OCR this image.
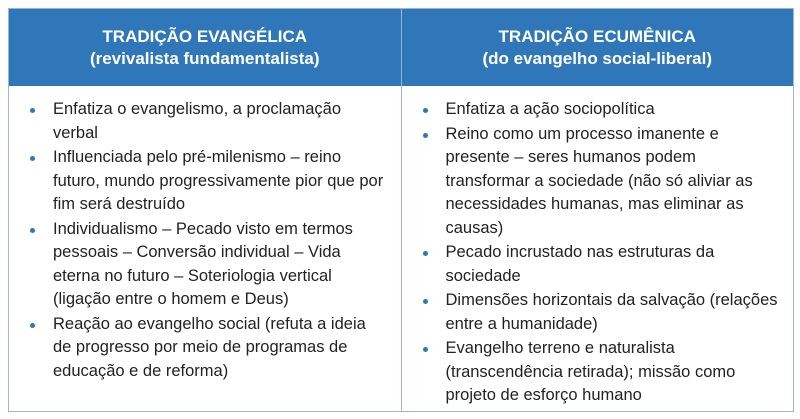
TRADIÇÃO EVANGÉLICA
(revivalista fundamentalista)
TRADIÇÃO ECUMÊNICA
(do evangelho social-liberal)
Enfatiza o evangelismo, a proclamação verbal
Influenciada pelo pré-milenismo – reino futuro, mundo progressivamente pior que por fim será destruído
Individualismo – Pecado visto em termos pessoais – Conversão individual – Vida eterna no futuro – Soteriologia vertical (ligação entre o homem e Deus)
Reação ao evangelho social (refuta a ideia de progresso por meio de programas de educação e de reforma)
Enfatiza a ação sociopolítica
Reino como um processo imanente e presente – seres humanos podem transformar a sociedade (não só aliviar as necessidades humanas, mas eliminar as causas)
Pecado incrustado nas estruturas da sociedade
Dimensões horizontais da salvação (relações entre a humanidade)
Evangelho terreno e naturalista (transcendência retirada); missão como projeto de esforço humano
